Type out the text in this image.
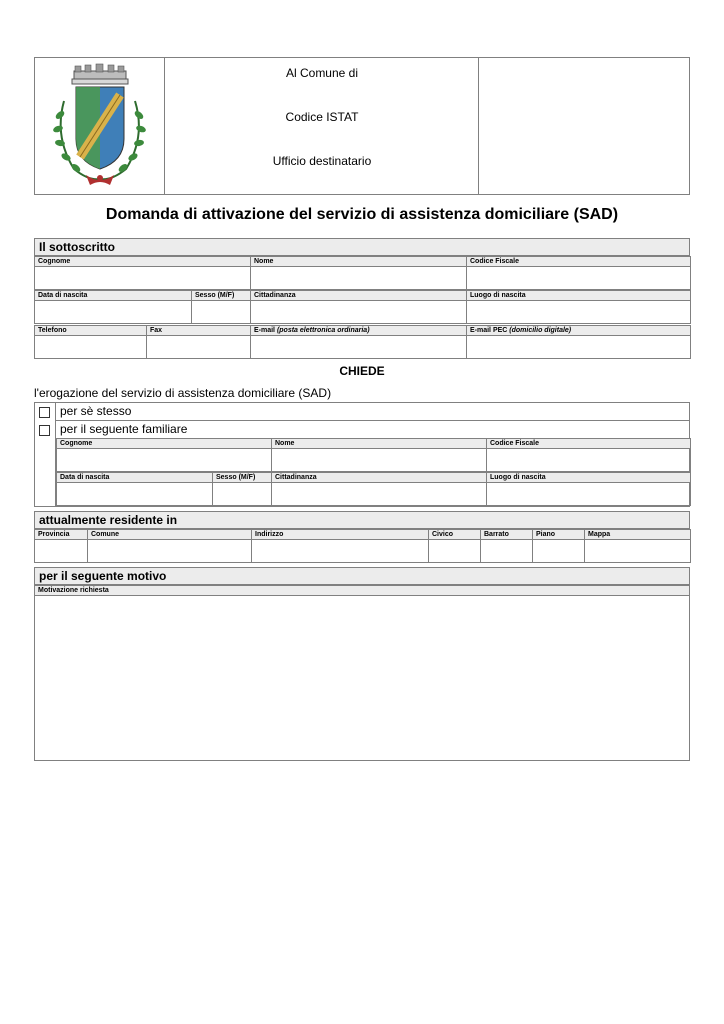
Al Comune di
Codice ISTAT
Ufficio destinatario
Domanda di attivazione del servizio di assistenza domiciliare (SAD)
Il sottoscritto
Cognome	Nome	Codice Fiscale

Data di nascita	Sesso (M/F)	Cittadinanza	Luogo di nascita

Telefono	Fax	E-mail (posta elettronica ordinaria)	E-mail PEC (domicilio digitale)

CHIEDE
l'erogazione del servizio di assistenza domiciliare (SAD)
per sè stesso
per il seguente familiare
Cognome	Nome	Codice Fiscale

Data di nascita	Sesso (M/F)	Cittadinanza	Luogo di nascita

attualmente residente in
Provincia	Comune	Indirizzo	Civico	Barrato	Piano	Mappa

per il seguente motivo
Motivazione richiesta
